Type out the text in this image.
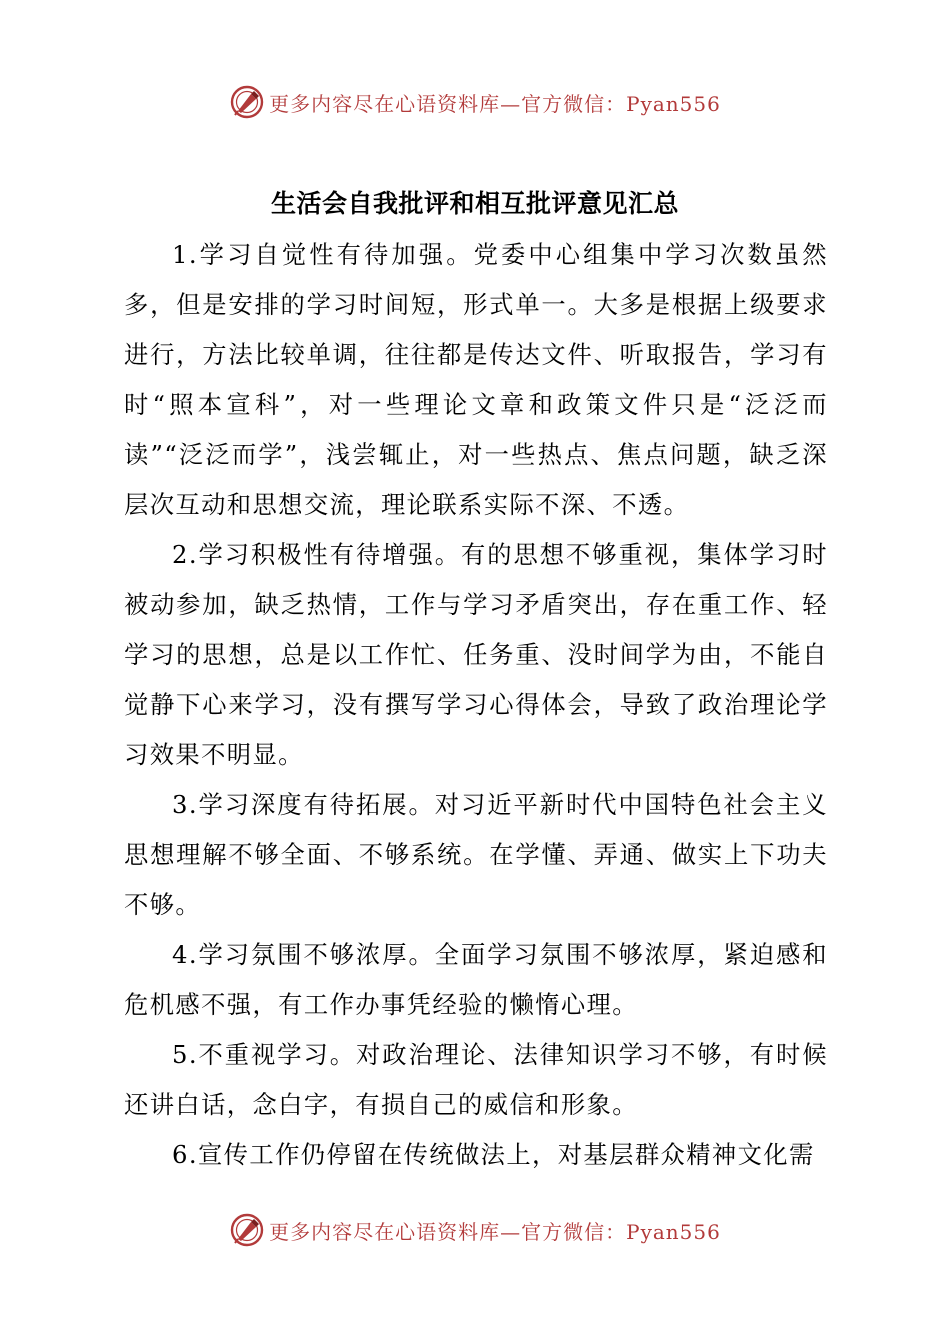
更多内容尽在心语资料库—官方微信：Pyan556
生活会自我批评和相互批评意见汇总

1.学习自觉性有待加强。党委中心组集中学习次数虽然多，但是安排的学习时间短，形式单一。大多是根据上级要求进行，方法比较单调，往往都是传达文件、听取报告，学习有时“照本宣科”，对一些理论文章和政策文件只是“泛泛而读”“泛泛而学”，浅尝辄止，对一些热点、焦点问题，缺乏深层次互动和思想交流，理论联系实际不深、不透。

2.学习积极性有待增强。有的思想不够重视，集体学习时被动参加，缺乏热情，工作与学习矛盾突出，存在重工作、轻学习的思想，总是以工作忙、任务重、没时间学为由，不能自觉静下心来学习，没有撰写学习心得体会，导致了政治理论学习效果不明显。

3.学习深度有待拓展。对习近平新时代中国特色社会主义思想理解不够全面、不够系统。在学懂、弄通、做实上下功夫不够。

4.学习氛围不够浓厚。全面学习氛围不够浓厚，紧迫感和危机感不强，有工作办事凭经验的懒惰心理。

5.不重视学习。对政治理论、法律知识学习不够，有时候还讲白话，念白字，有损自己的威信和形象。

6.宣传工作仍停留在传统做法上，对基层群众精神文化需

更多内容尽在心语资料库—官方微信：Pyan556
